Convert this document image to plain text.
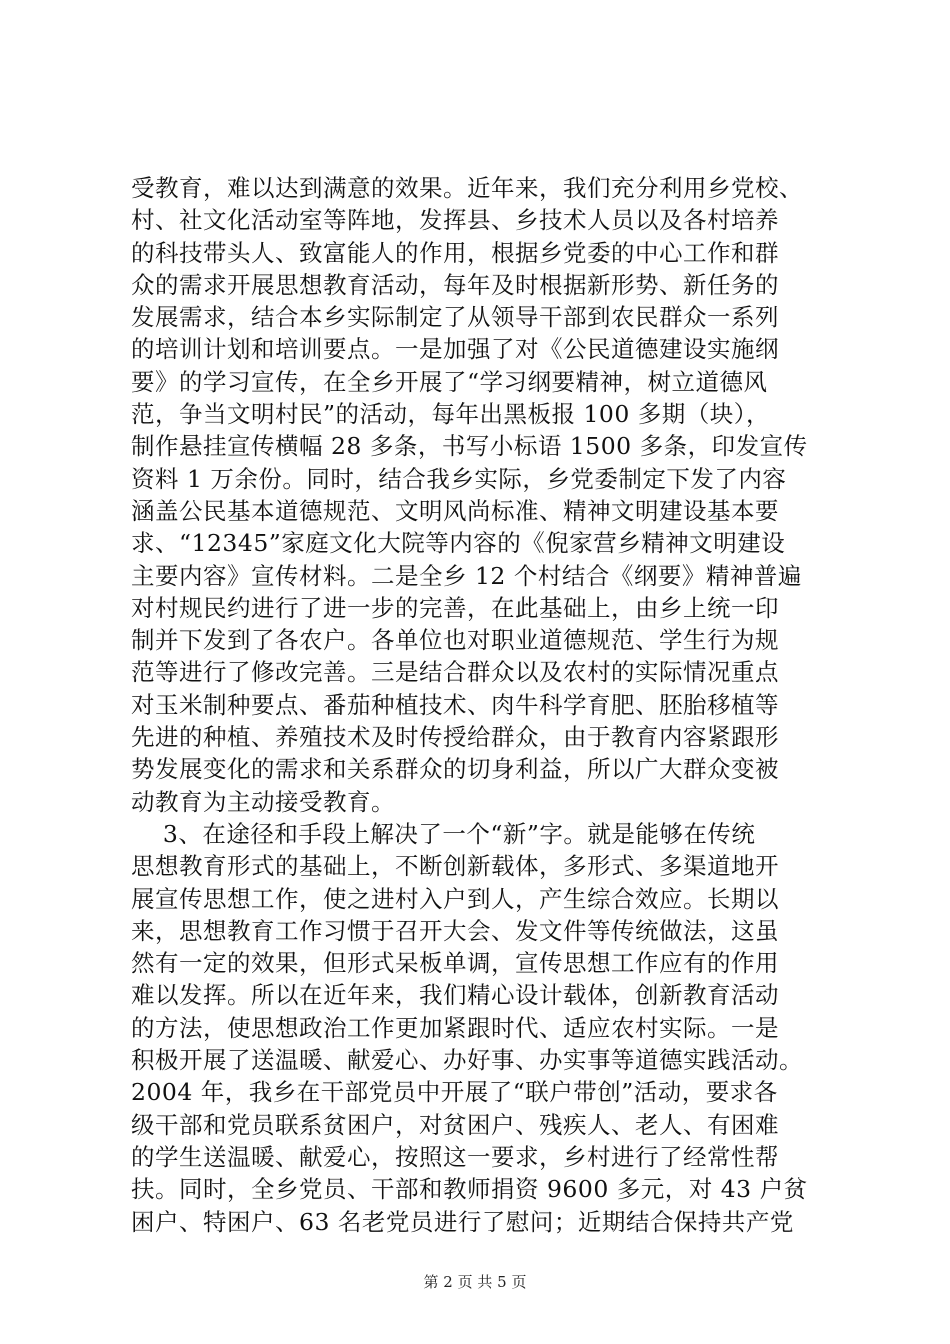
受教育，难以达到满意的效果。近年来，我们充分利用乡党校、
村、社文化活动室等阵地，发挥县、乡技术人员以及各村培养
的科技带头人、致富能人的作用，根据乡党委的中心工作和群
众的需求开展思想教育活动，每年及时根据新形势、新任务的
发展需求，结合本乡实际制定了从领导干部到农民群众一系列
的培训计划和培训要点。一是加强了对《公民道德建设实施纲
要》的学习宣传，在全乡开展了“学习纲要精神，树立道德风
范，争当文明村民”的活动，每年出黑板报 100 多期（块），
制作悬挂宣传横幅 28 多条，书写小标语 1500 多条，印发宣传
资料 1 万余份。同时，结合我乡实际，乡党委制定下发了内容
涵盖公民基本道德规范、文明风尚标准、精神文明建设基本要
求、“12345”家庭文化大院等内容的《倪家营乡精神文明建设
主要内容》宣传材料。二是全乡 12 个村结合《纲要》精神普遍
对村规民约进行了进一步的完善，在此基础上，由乡上统一印
制并下发到了各农户。各单位也对职业道德规范、学生行为规
范等进行了修改完善。三是结合群众以及农村的实际情况重点
对玉米制种要点、番茄种植技术、肉牛科学育肥、胚胎移植等
先进的种植、养殖技术及时传授给群众，由于教育内容紧跟形
势发展变化的需求和关系群众的切身利益，所以广大群众变被
动教育为主动接受教育。
3、在途径和手段上解决了一个“新”字。就是能够在传统
思想教育形式的基础上，不断创新载体，多形式、多渠道地开
展宣传思想工作，使之进村入户到人，产生综合效应。长期以
来，思想教育工作习惯于召开大会、发文件等传统做法，这虽
然有一定的效果，但形式呆板单调，宣传思想工作应有的作用
难以发挥。所以在近年来，我们精心设计载体，创新教育活动
的方法，使思想政治工作更加紧跟时代、适应农村实际。一是
积极开展了送温暖、献爱心、办好事、办实事等道德实践活动。
2004 年，我乡在干部党员中开展了“联户带创”活动，要求各
级干部和党员联系贫困户，对贫困户、残疾人、老人、有困难
的学生送温暖、献爱心，按照这一要求，乡村进行了经常性帮
扶。同时，全乡党员、干部和教师捐资 9600 多元，对 43 户贫
困户、特困户、63 名老党员进行了慰问；近期结合保持共产党
第 2 页 共 5 页
